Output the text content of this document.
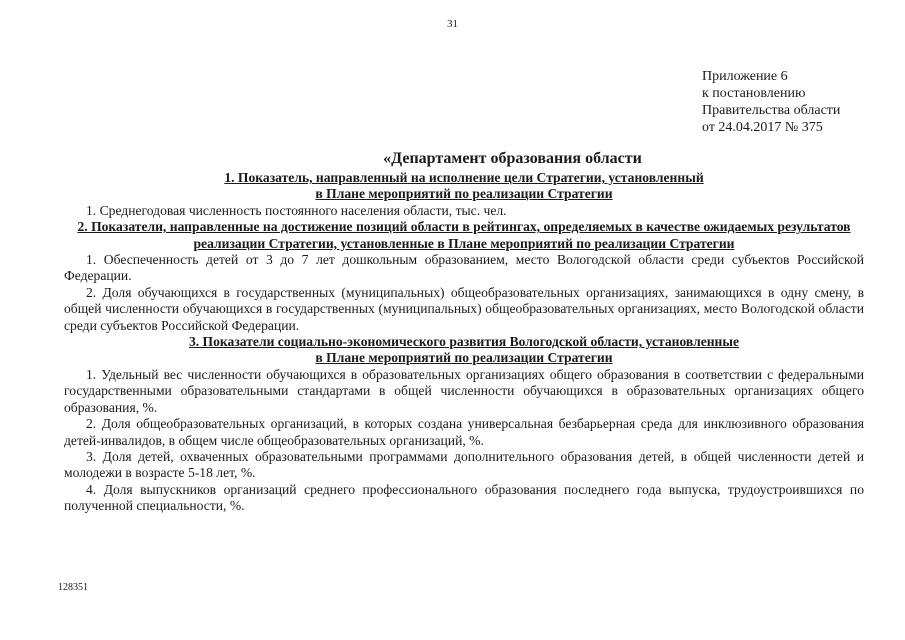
31
Приложение 6
к постановлению
Правительства области
от 24.04.2017 № 375
«Департамент образования области
1. Показатель, направленный на исполнение цели Стратегии, установленный
в Плане мероприятий по реализации Стратегии

1. Среднегодовая численность постоянного населения области, тыс. чел.

2. Показатели, направленные на достижение позиций области в рейтингах, определяемых в качестве ожидаемых результатов реализации Стратегии, установленные в Плане мероприятий по реализации Стратегии

1. Обеспеченность детей от 3 до 7 лет дошкольным образованием, место Вологодской области среди субъектов Российской Федерации.

2. Доля обучающихся в государственных (муниципальных) общеобразовательных организациях, занимающихся в одну смену, в общей численности обучающихся в государственных (муниципальных) общеобразовательных организациях, место Вологодской области среди субъектов Российской Федерации.

3. Показатели социально-экономического развития Вологодской области, установленные
в Плане мероприятий по реализации Стратегии

1. Удельный вес численности обучающихся в образовательных организациях общего образования в соответствии с федеральными государственными образовательными стандартами в общей численности обучающихся в образовательных организациях общего образования, %.

2. Доля общеобразовательных организаций, в которых создана универсальная безбарьерная среда для инклюзивного образования детей-инвалидов, в общем числе общеобразовательных организаций, %.

3. Доля детей, охваченных образовательными программами дополнительного образования детей, в общей численности детей и молодежи в возрасте 5-18 лет, %.

4. Доля выпускников организаций среднего профессионального образования последнего года выпуска, трудоустроившихся по полученной специальности, %.

128351
